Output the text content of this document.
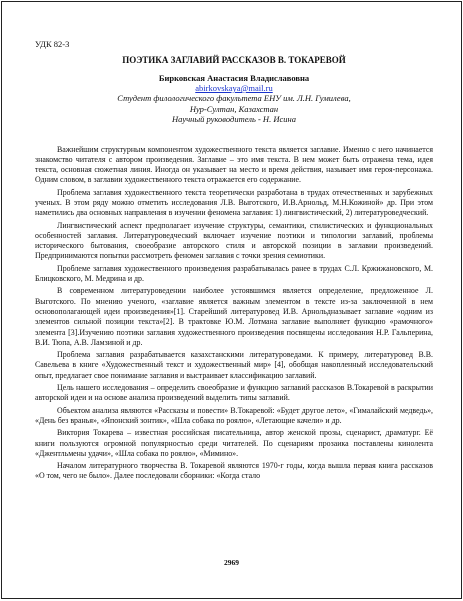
УДК 82-3
ПОЭТИКА ЗАГЛАВИЙ РАССКАЗОВ В. ТОКАРЕВОЙ
Бирковская Анастасия Владиславовна
abirkovskaya@mail.ru
Студент филологического факультета ЕНУ им. Л.Н. Гумилева,
Нур-Султан, Казахстан
Научный руководитель - Н. Исина

Важнейшим структурным компонентом художественного текста является заглавие. Именно с него начинается знакомство читателя с автором произведения. Заглавие – это имя текста. В нем может быть отражена тема, идея текста, основная сюжетная линия. Иногда он указывает на место и время действия, называет имя героя-персонажа. Одним словом, в заглавии художественного текста отражается его содержание.

Проблема заглавия художественного текста теоретически разработана в трудах отечественных и зарубежных ученых. В этом ряду можно отметить исследования Л.В. Выготского, И.В.Арнольд, М.Н.Кожиной» др. При этом наметились два основных направления в изучении феномена заглавия: 1) лингвистический, 2) литературоведческий.

Лингвистический аспект предполагает изучение структуры, семантики, стилистических и функциональных особенностей заглавия. Литературоведческий включает изучение поэтики и типологии заглавий, проблемы исторического бытования, своеобразие авторского стиля и авторской позиции в заглавии произведений. Предпринимаются попытки рассмотреть феномен заглавия с точки зрения семиотики.

Проблеме заглавия художественного произведения разрабатывалась ранее в трудах С.Л. Кржижановского, М. Блицковского, М. Медрина и др.

В современном литературоведении наиболее устоявшимся является определение, предложенное Л. Выготского. По мнению ученого, «заглавие является важным элементом в тексте из-за заключенной в нем основополагающей идеи произведения»[1]. Старейший литературовед И.В. Арнольдназывает заглавие «одним из элементов сильной позиции текста»[2]. В трактовке Ю.М. Лотмана заглавие выполняет функцию «рамочного» элемента [3].Изучению поэтики заглавия художественного произведения посвящены исследования Н.Р. Гальперина, В.И. Тюпа, А.В. Ламзиной и др.

Проблема заглавия разрабатывается казахстанскими литературоведами. К примеру, литературовед В.В. Савельева в книге «Художественный текст и художественный мир» [4], обобщая накопленный исследовательский опыт, предлагает свое понимание заглавия и выстраивает классификацию заглавий.

Цель нашего исследования – определить своеобразие и функцию заглавий рассказов В.Токаревой в раскрытии авторской идеи и на основе анализа произведений выделить типы заглавий.

Объектом анализа являются «Рассказы и повести» В.Токаревой: «Будет другое лето», «Гималайский медведь», «День без вранья», «Японский зонтик», «Шла собака по роялю», «Летающие качели» и др.

Виктория Токарева – известная российская писательница, автор женской прозы, сценарист, драматург. Её книги пользуются огромной популярностью среди читателей. По сценариям прозаика поставлены кинолента «Джентльмены удачи», «Шла собака по роялю», «Мимино».

Началом литературного творчества В. Токаревой являются 1970-г годы, когда вышла первая книга рассказов «О том, чего не было». Далее последовали сборники: «Когда стало

2969
